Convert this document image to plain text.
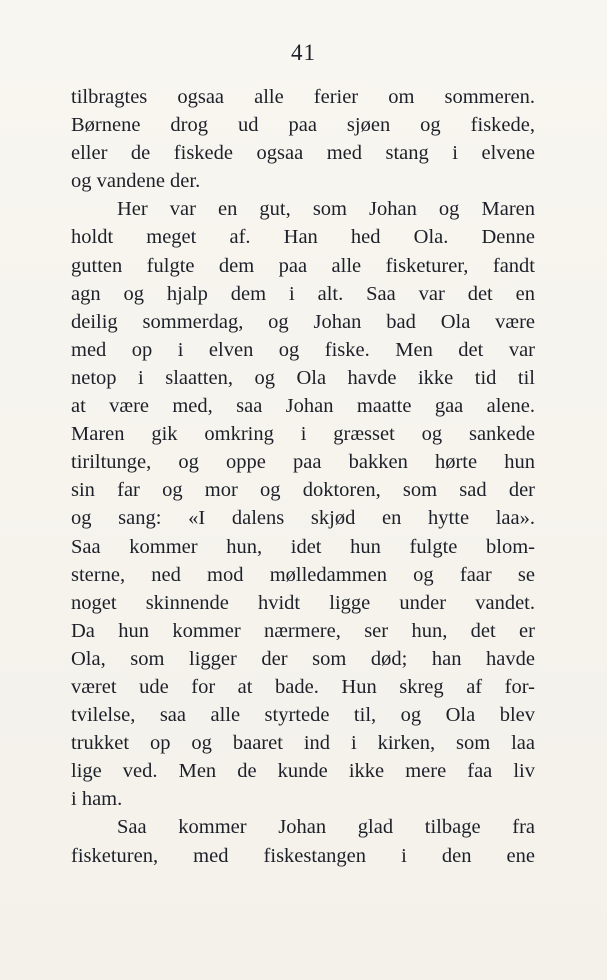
41
tilbragtes ogsaa alle ferier om sommeren.
Børnene drog ud paa sjøen og fiskede,
eller de fiskede ogsaa med stang i elvene
og vandene der.
Her var en gut, som Johan og Maren
holdt meget af. Han hed Ola. Denne
gutten fulgte dem paa alle fisketurer, fandt
agn og hjalp dem i alt. Saa var det en
deilig sommerdag, og Johan bad Ola være
med op i elven og fiske. Men det var
netop i slaatten, og Ola havde ikke tid til
at være med, saa Johan maatte gaa alene.
Maren gik omkring i græsset og sankede
tiriltunge, og oppe paa bakken hørte hun
sin far og mor og doktoren, som sad der
og sang: «I dalens skjød en hytte laa».
Saa kommer hun, idet hun fulgte blom-
sterne, ned mod mølledammen og faar se
noget skinnende hvidt ligge under vandet.
Da hun kommer nærmere, ser hun, det er
Ola, som ligger der som død; han havde
været ude for at bade. Hun skreg af for-
tvilelse, saa alle styrtede til, og Ola blev
trukket op og baaret ind i kirken, som laa
lige ved. Men de kunde ikke mere faa liv
i ham.
Saa kommer Johan glad tilbage fra
fisketuren, med fiskestangen i den ene
